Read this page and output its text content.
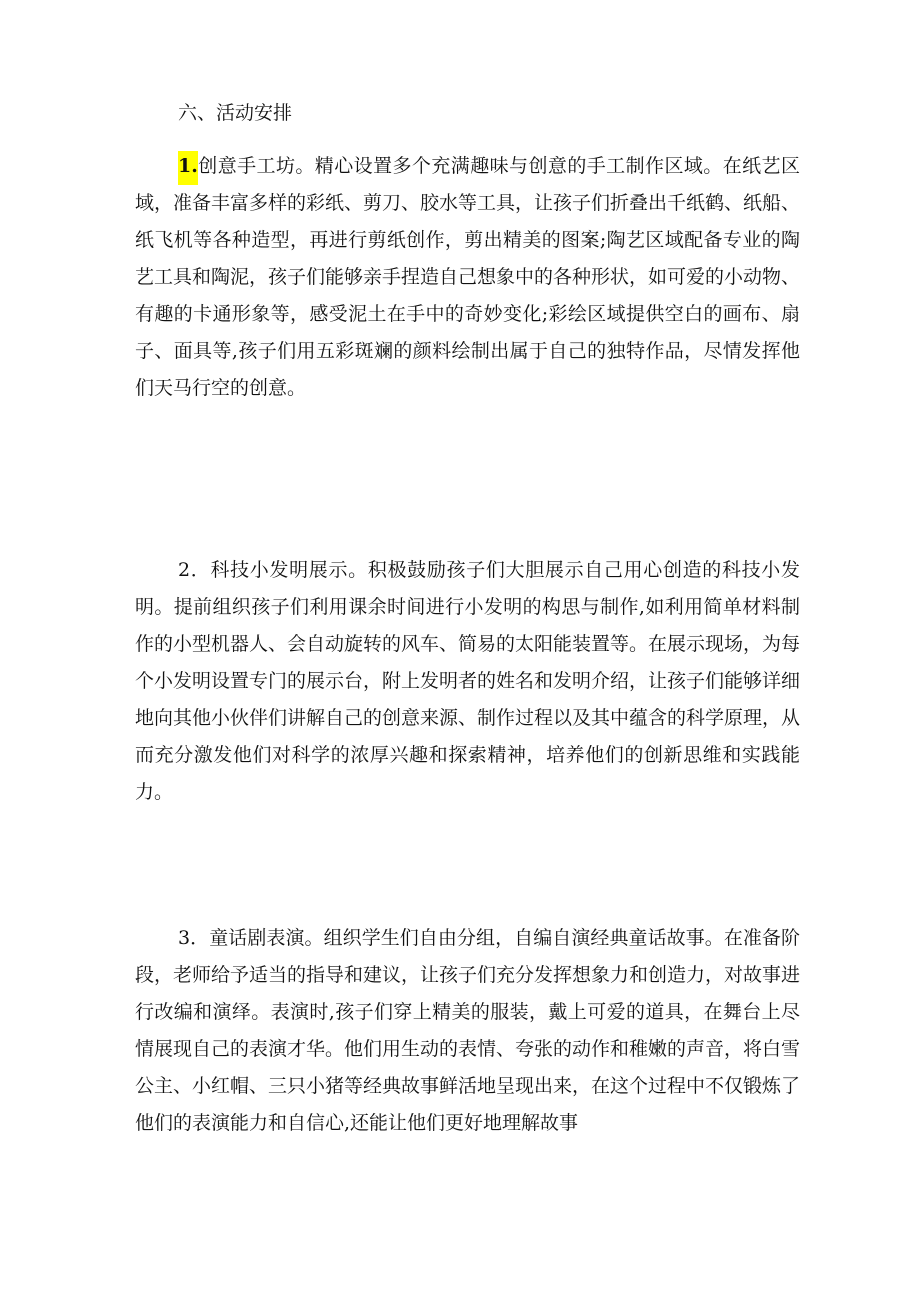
六、活动安排

1.创意手工坊。精心设置多个充满趣味与创意的手工制作区域。在纸艺区域，准备丰富多样的彩纸、剪刀、胶水等工具，让孩子们折叠出千纸鹤、纸船、纸飞机等各种造型，再进行剪纸创作，剪出精美的图案;陶艺区域配备专业的陶艺工具和陶泥，孩子们能够亲手捏造自己想象中的各种形状，如可爱的小动物、有趣的卡通形象等，感受泥土在手中的奇妙变化;彩绘区域提供空白的画布、扇子、面具等,孩子们用五彩斑斓的颜料绘制出属于自己的独特作品，尽情发挥他们天马行空的创意。

2．科技小发明展示。积极鼓励孩子们大胆展示自己用心创造的科技小发明。提前组织孩子们利用课余时间进行小发明的构思与制作,如利用简单材料制作的小型机器人、会自动旋转的风车、简易的太阳能装置等。在展示现场，为每个小发明设置专门的展示台，附上发明者的姓名和发明介绍，让孩子们能够详细地向其他小伙伴们讲解自己的创意来源、制作过程以及其中蕴含的科学原理，从而充分激发他们对科学的浓厚兴趣和探索精神，培养他们的创新思维和实践能力。

3．童话剧表演。组织学生们自由分组，自编自演经典童话故事。在准备阶段，老师给予适当的指导和建议，让孩子们充分发挥想象力和创造力，对故事进行改编和演绎。表演时,孩子们穿上精美的服装，戴上可爱的道具，在舞台上尽情展现自己的表演才华。他们用生动的表情、夸张的动作和稚嫩的声音，将白雪公主、小红帽、三只小猪等经典故事鲜活地呈现出来，在这个过程中不仅锻炼了他们的表演能力和自信心,还能让他们更好地理解故事
